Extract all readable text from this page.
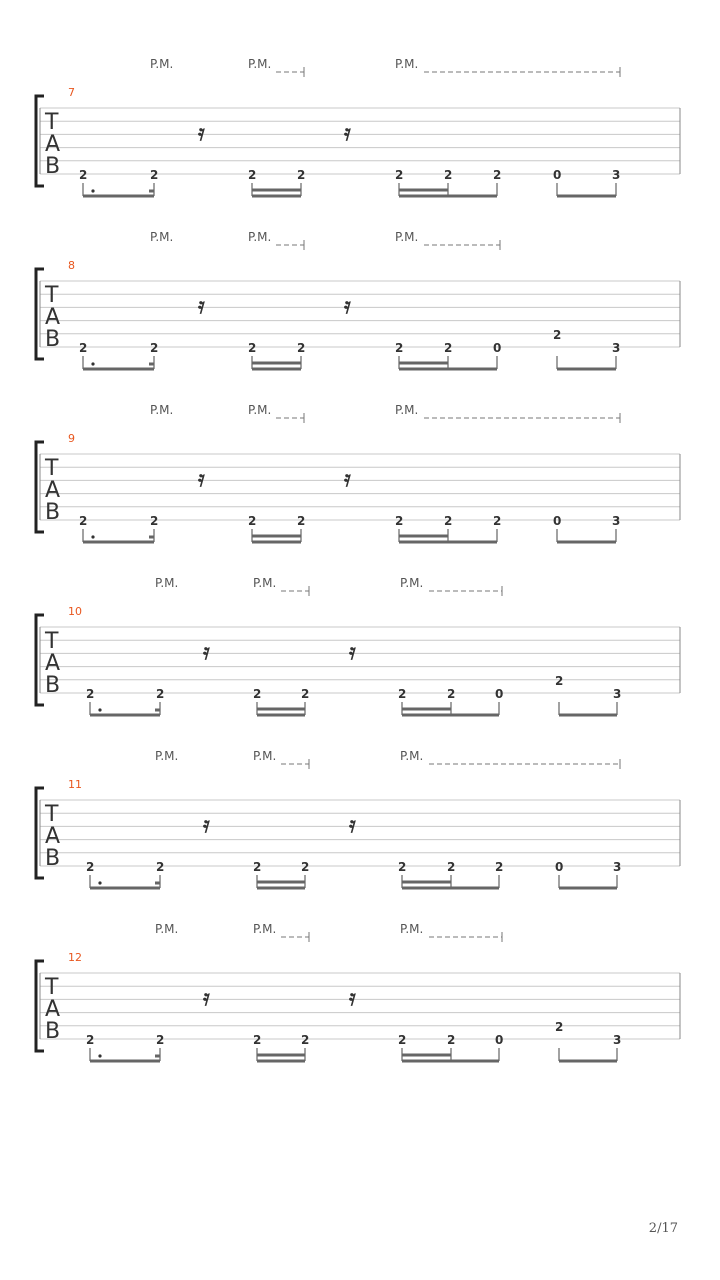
P.M.	P.M.	P.M.
7
T
A
B
𝄿	𝄿
2	2	2	2	2	2	2	0	3
P.M.	P.M.	P.M.
8
T
A
B
𝄿	𝄿
2	2	2	2	2	2	0
2
3
P.M.	P.M.	P.M.
9
T
A
B
𝄿	𝄿
2	2	2	2	2	2	2	0	3
P.M.	P.M.	P.M.
10
T
A
B
𝄿	𝄿
2	2	2	2	2	2	0
2
3
P.M.	P.M.	P.M.
11
T
A
B
𝄿	𝄿
2	2	2	2	2	2	2	0	3
P.M.	P.M.	P.M.
12
T
A
B
𝄿	𝄿
2	2	2	2	2	2	0
2
3
2/17
